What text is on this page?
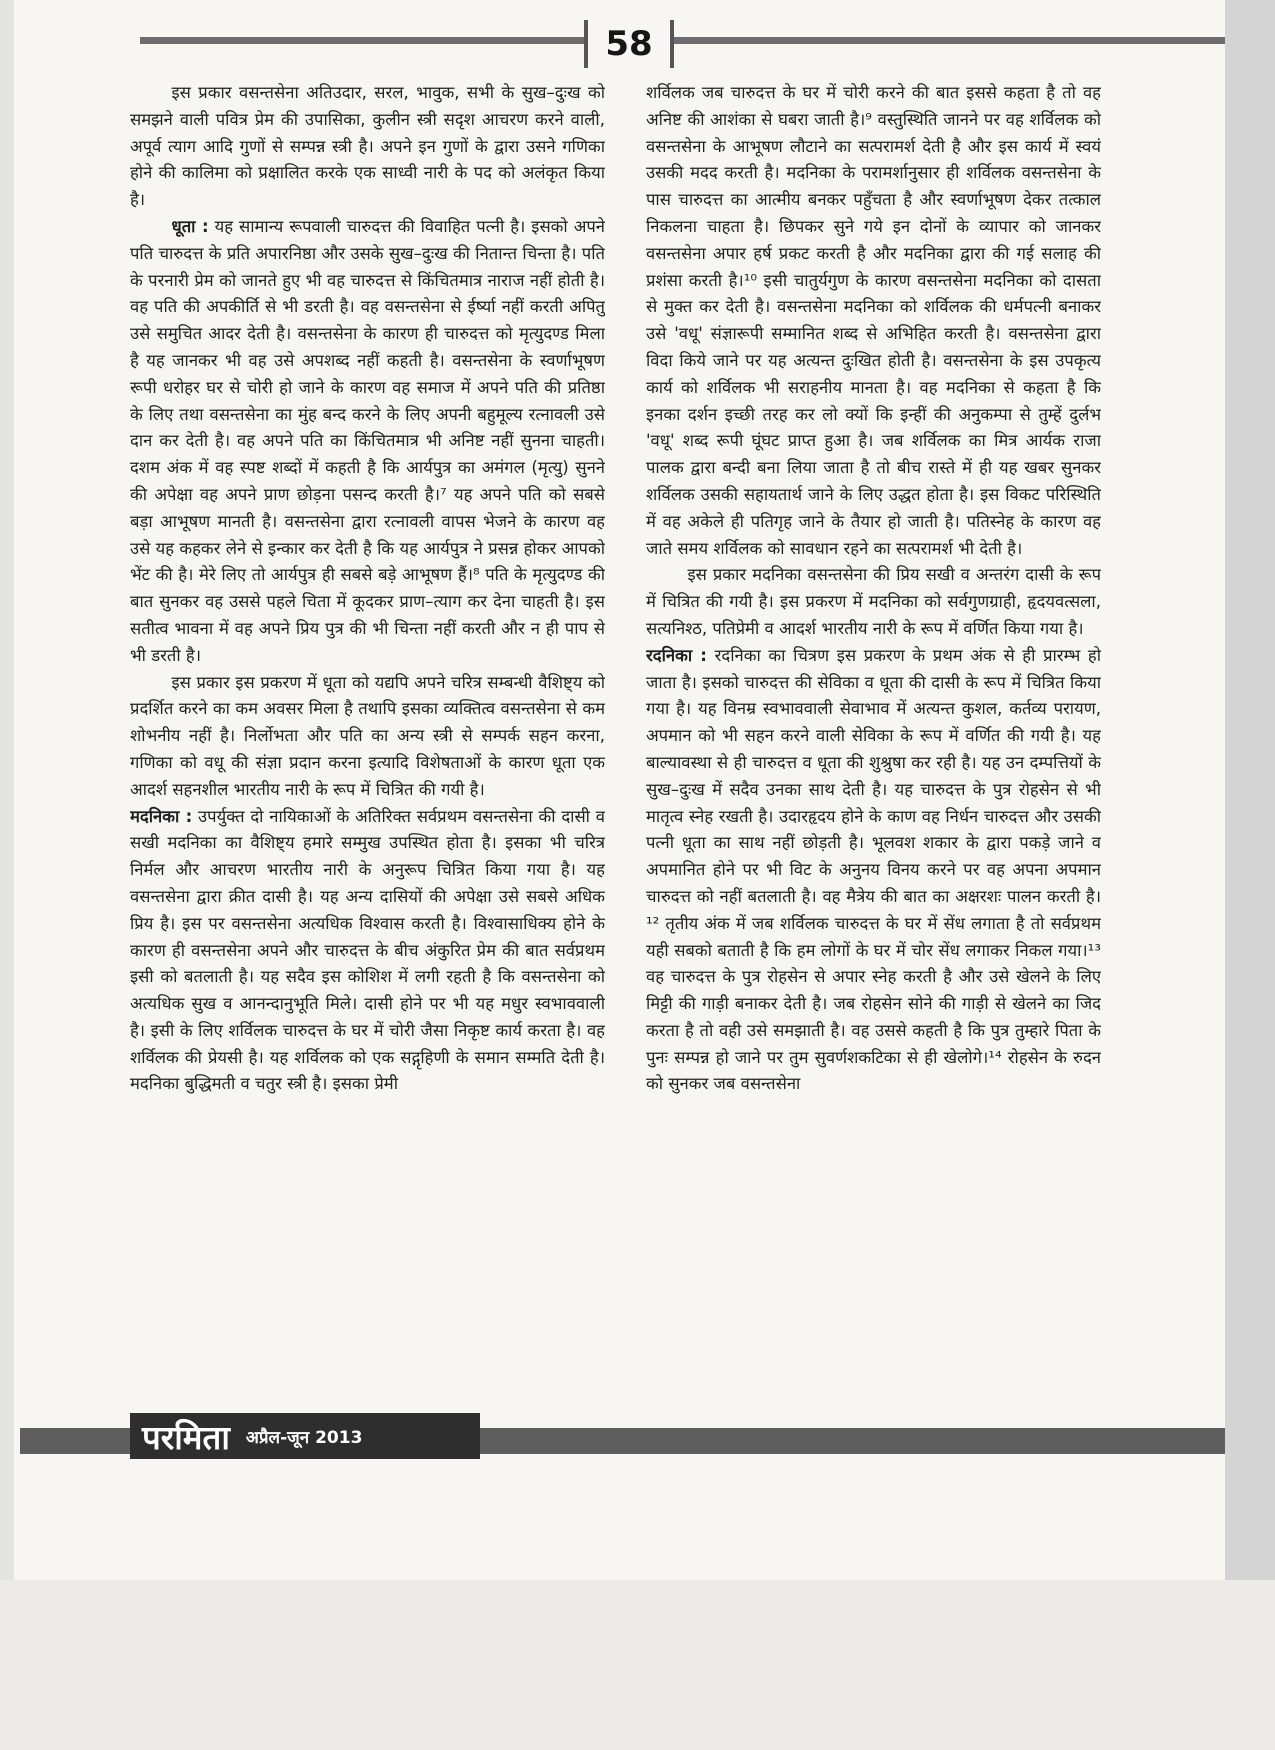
58

इस प्रकार वसन्तसेना अतिउदार, सरल, भावुक, सभी के सुख–दुःख को समझने वाली पवित्र प्रेम की उपासिका, कुलीन स्त्री सदृश आचरण करने वाली, अपूर्व त्याग आदि गुणों से सम्पन्न स्त्री है। अपने इन गुणों के द्वारा उसने गणिका होने की कालिमा को प्रक्षालित करके एक साध्वी नारी के पद को अलंकृत किया है।

धूता : यह सामान्य रूपवाली चारुदत्त की विवाहित पत्नी है। इसको अपने पति चारुदत्त के प्रति अपारनिष्ठा और उसके सुख–दुःख की नितान्त चिन्ता है। पति के परनारी प्रेम को जानते हुए भी वह चारुदत्त से किंचितमात्र नाराज नहीं होती है। वह पति की अपकीर्ति से भी डरती है। वह वसन्तसेना से ईर्ष्या नहीं करती अपितु उसे समुचित आदर देती है। वसन्तसेना के कारण ही चारुदत्त को मृत्युदण्ड मिला है यह जानकर भी वह उसे अपशब्द नहीं कहती है। वसन्तसेना के स्वर्णाभूषण रूपी धरोहर घर से चोरी हो जाने के कारण वह समाज में अपने पति की प्रतिष्ठा के लिए तथा वसन्तसेना का मुंह बन्द करने के लिए अपनी बहुमूल्य रत्नावली उसे दान कर देती है। वह अपने पति का किंचितमात्र भी अनिष्ट नहीं सुनना चाहती। दशम अंक में वह स्पष्ट शब्दों में कहती है कि आर्यपुत्र का अमंगल (मृत्यु) सुनने की अपेक्षा वह अपने प्राण छोड़ना पसन्द करती है।⁷ यह अपने पति को सबसे बड़ा आभूषण मानती है। वसन्तसेना द्वारा रत्नावली वापस भेजने के कारण वह उसे यह कहकर लेने से इन्कार कर देती है कि यह आर्यपुत्र ने प्रसन्न होकर आपको भेंट की है। मेरे लिए तो आर्यपुत्र ही सबसे बड़े आभूषण हैं।⁸ पति के मृत्युदण्ड की बात सुनकर वह उससे पहले चिता में कूदकर प्राण–त्याग कर देना चाहती है। इस सतीत्व भावना में वह अपने प्रिय पुत्र की भी चिन्ता नहीं करती और न ही पाप से भी डरती है।

इस प्रकार इस प्रकरण में धूता को यद्यपि अपने चरित्र सम्बन्धी वैशिष्ट्य को प्रदर्शित करने का कम अवसर मिला है तथापि इसका व्यक्तित्व वसन्तसेना से कम शोभनीय नहीं है। निर्लोभता और पति का अन्य स्त्री से सम्पर्क सहन करना, गणिका को वधू की संज्ञा प्रदान करना इत्यादि विशेषताओं के कारण धूता एक आदर्श सहनशील भारतीय नारी के रूप में चित्रित की गयी है।

मदनिका : उपर्युक्त दो नायिकाओं के अतिरिक्त सर्वप्रथम वसन्तसेना की दासी व सखी मदनिका का वैशिष्ट्य हमारे सम्मुख उपस्थित होता है। इसका भी चरित्र निर्मल और आचरण भारतीय नारी के अनुरूप चित्रित किया गया है। यह वसन्तसेना द्वारा क्रीत दासी है। यह अन्य दासियों की अपेक्षा उसे सबसे अधिक प्रिय है। इस पर वसन्तसेना अत्यधिक विश्वास करती है। विश्वासाधिक्य होने के कारण ही वसन्तसेना अपने और चारुदत्त के बीच अंकुरित प्रेम की बात सर्वप्रथम इसी को बतलाती है। यह सदैव इस कोशिश में लगी रहती है कि वसन्तसेना को अत्यधिक सुख व आनन्दानुभूति मिले। दासी होने पर भी यह मधुर स्वभाववाली है। इसी के लिए शर्विलक चारुदत्त के घर में चोरी जैसा निकृष्ट कार्य करता है। वह शर्विलक की प्रेयसी है। यह शर्विलक को एक सद्गृहिणी के समान सम्मति देती है। मदनिका बुद्धिमती व चतुर स्त्री है। इसका प्रेमी

शर्विलक जब चारुदत्त के घर में चोरी करने की बात इससे कहता है तो वह अनिष्ट की आशंका से घबरा जाती है।⁹ वस्तुस्थिति जानने पर वह शर्विलक को वसन्तसेना के आभूषण लौटाने का सत्परामर्श देती है और इस कार्य में स्वयं उसकी मदद करती है। मदनिका के परामर्शानुसार ही शर्विलक वसन्तसेना के पास चारुदत्त का आत्मीय बनकर पहुँचता है और स्वर्णाभूषण देकर तत्काल निकलना चाहता है। छिपकर सुने गये इन दोनों के व्यापार को जानकर वसन्तसेना अपार हर्ष प्रकट करती है और मदनिका द्वारा की गई सलाह की प्रशंसा करती है।¹⁰ इसी चातुर्यगुण के कारण वसन्तसेना मदनिका को दासता से मुक्त कर देती है। वसन्तसेना मदनिका को शर्विलक की धर्मपत्नी बनाकर उसे 'वधू' संज्ञारूपी सम्मानित शब्द से अभिहित करती है। वसन्तसेना द्वारा विदा किये जाने पर यह अत्यन्त दुःखित होती है। वसन्तसेना के इस उपकृत्य कार्य को शर्विलक भी सराहनीय मानता है। वह मदनिका से कहता है कि इनका दर्शन इच्छी तरह कर लो क्यों कि इन्हीं की अनुकम्पा से तुम्हें दुर्लभ 'वधू' शब्द रूपी घूंघट प्राप्त हुआ है। जब शर्विलक का मित्र आर्यक राजा पालक द्वारा बन्दी बना लिया जाता है तो बीच रास्ते में ही यह खबर सुनकर शर्विलक उसकी सहायतार्थ जाने के लिए उद्धत होता है। इस विकट परिस्थिति में वह अकेले ही पतिगृह जाने के तैयार हो जाती है। पतिस्नेह के कारण वह जाते समय शर्विलक को सावधान रहने का सत्परामर्श भी देती है।

इस प्रकार मदनिका वसन्तसेना की प्रिय सखी व अन्तरंग दासी के रूप में चित्रित की गयी है। इस प्रकरण में मदनिका को सर्वगुणग्राही, हृदयवत्सला, सत्यनिश्ठ, पतिप्रेमी व आदर्श भारतीय नारी के रूप में वर्णित किया गया है।

रदनिका : रदनिका का चित्रण इस प्रकरण के प्रथम अंक से ही प्रारम्भ हो जाता है। इसको चारुदत्त की सेविका व धूता की दासी के रूप में चित्रित किया गया है। यह विनम्र स्वभाववाली सेवाभाव में अत्यन्त कुशल, कर्तव्य परायण, अपमान को भी सहन करने वाली सेविका के रूप में वर्णित की गयी है। यह बाल्यावस्था से ही चारुदत्त व धूता की शुश्रुषा कर रही है। यह उन दम्पत्तियों के सुख–दुःख में सदैव उनका साथ देती है। यह चारुदत्त के पुत्र रोहसेन से भी मातृत्व स्नेह रखती है। उदारहृदय होने के काण वह निर्धन चारुदत्त और उसकी पत्नी धूता का साथ नहीं छोड़ती है। भूलवश शकार के द्वारा पकड़े जाने व अपमानित होने पर भी विट के अनुनय विनय करने पर वह अपना अपमान चारुदत्त को नहीं बतलाती है। वह मैत्रेय की बात का अक्षरशः पालन करती है।¹² तृतीय अंक में जब शर्विलक चारुदत्त के घर में सेंध लगाता है तो सर्वप्रथम यही सबको बताती है कि हम लोगों के घर में चोर सेंध लगाकर निकल गया।¹³ वह चारुदत्त के पुत्र रोहसेन से अपार स्नेह करती है और उसे खेलने के लिए मिट्टी की गाड़ी बनाकर देती है। जब रोहसेन सोने की गाड़ी से खेलने का जिद करता है तो वही उसे समझाती है। वह उससे कहती है कि पुत्र तुम्हारे पिता के पुनः सम्पन्न हो जाने पर तुम सुवर्णशकटिका से ही खेलोगे।¹⁴ रोहसेन के रुदन को सुनकर जब वसन्तसेना

परमिता अप्रैल-जून 2013
